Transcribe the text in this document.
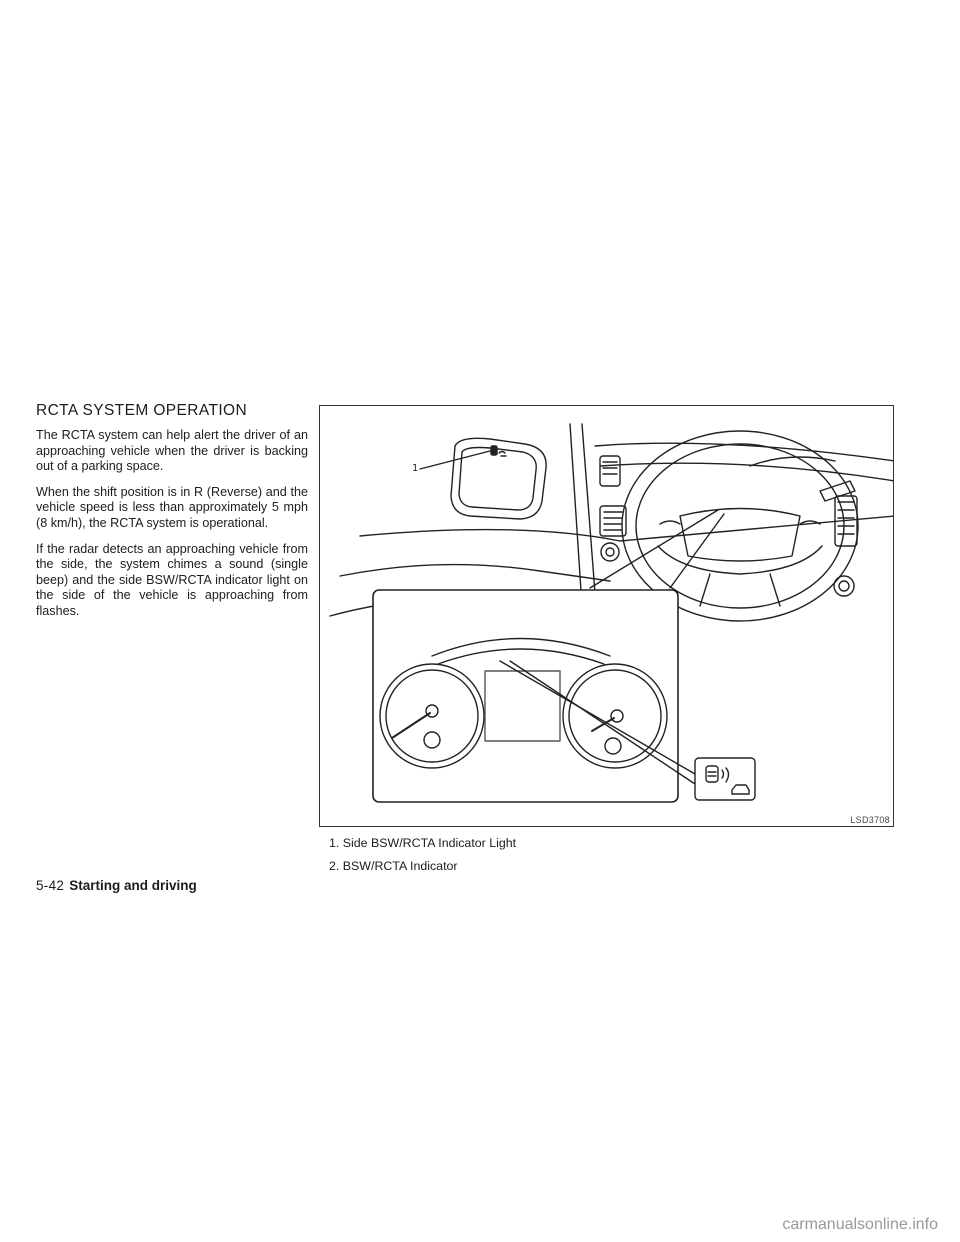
RCTA SYSTEM OPERATION

The RCTA system can help alert the driver of an approaching vehicle when the driver is backing out of a parking space.

When the shift position is in R (Reverse) and the vehicle speed is less than approximately 5 mph (8 km/h), the RCTA system is operational.

If the radar detects an approaching vehicle from the side, the system chimes a sound (single beep) and the side BSW/RCTA indicator light on the side of the vehicle is approaching from flashes.

1
LSD3708
1. Side BSW/RCTA Indicator Light
2. BSW/RCTA Indicator
5-42 Starting and driving
carmanualsonline.info
